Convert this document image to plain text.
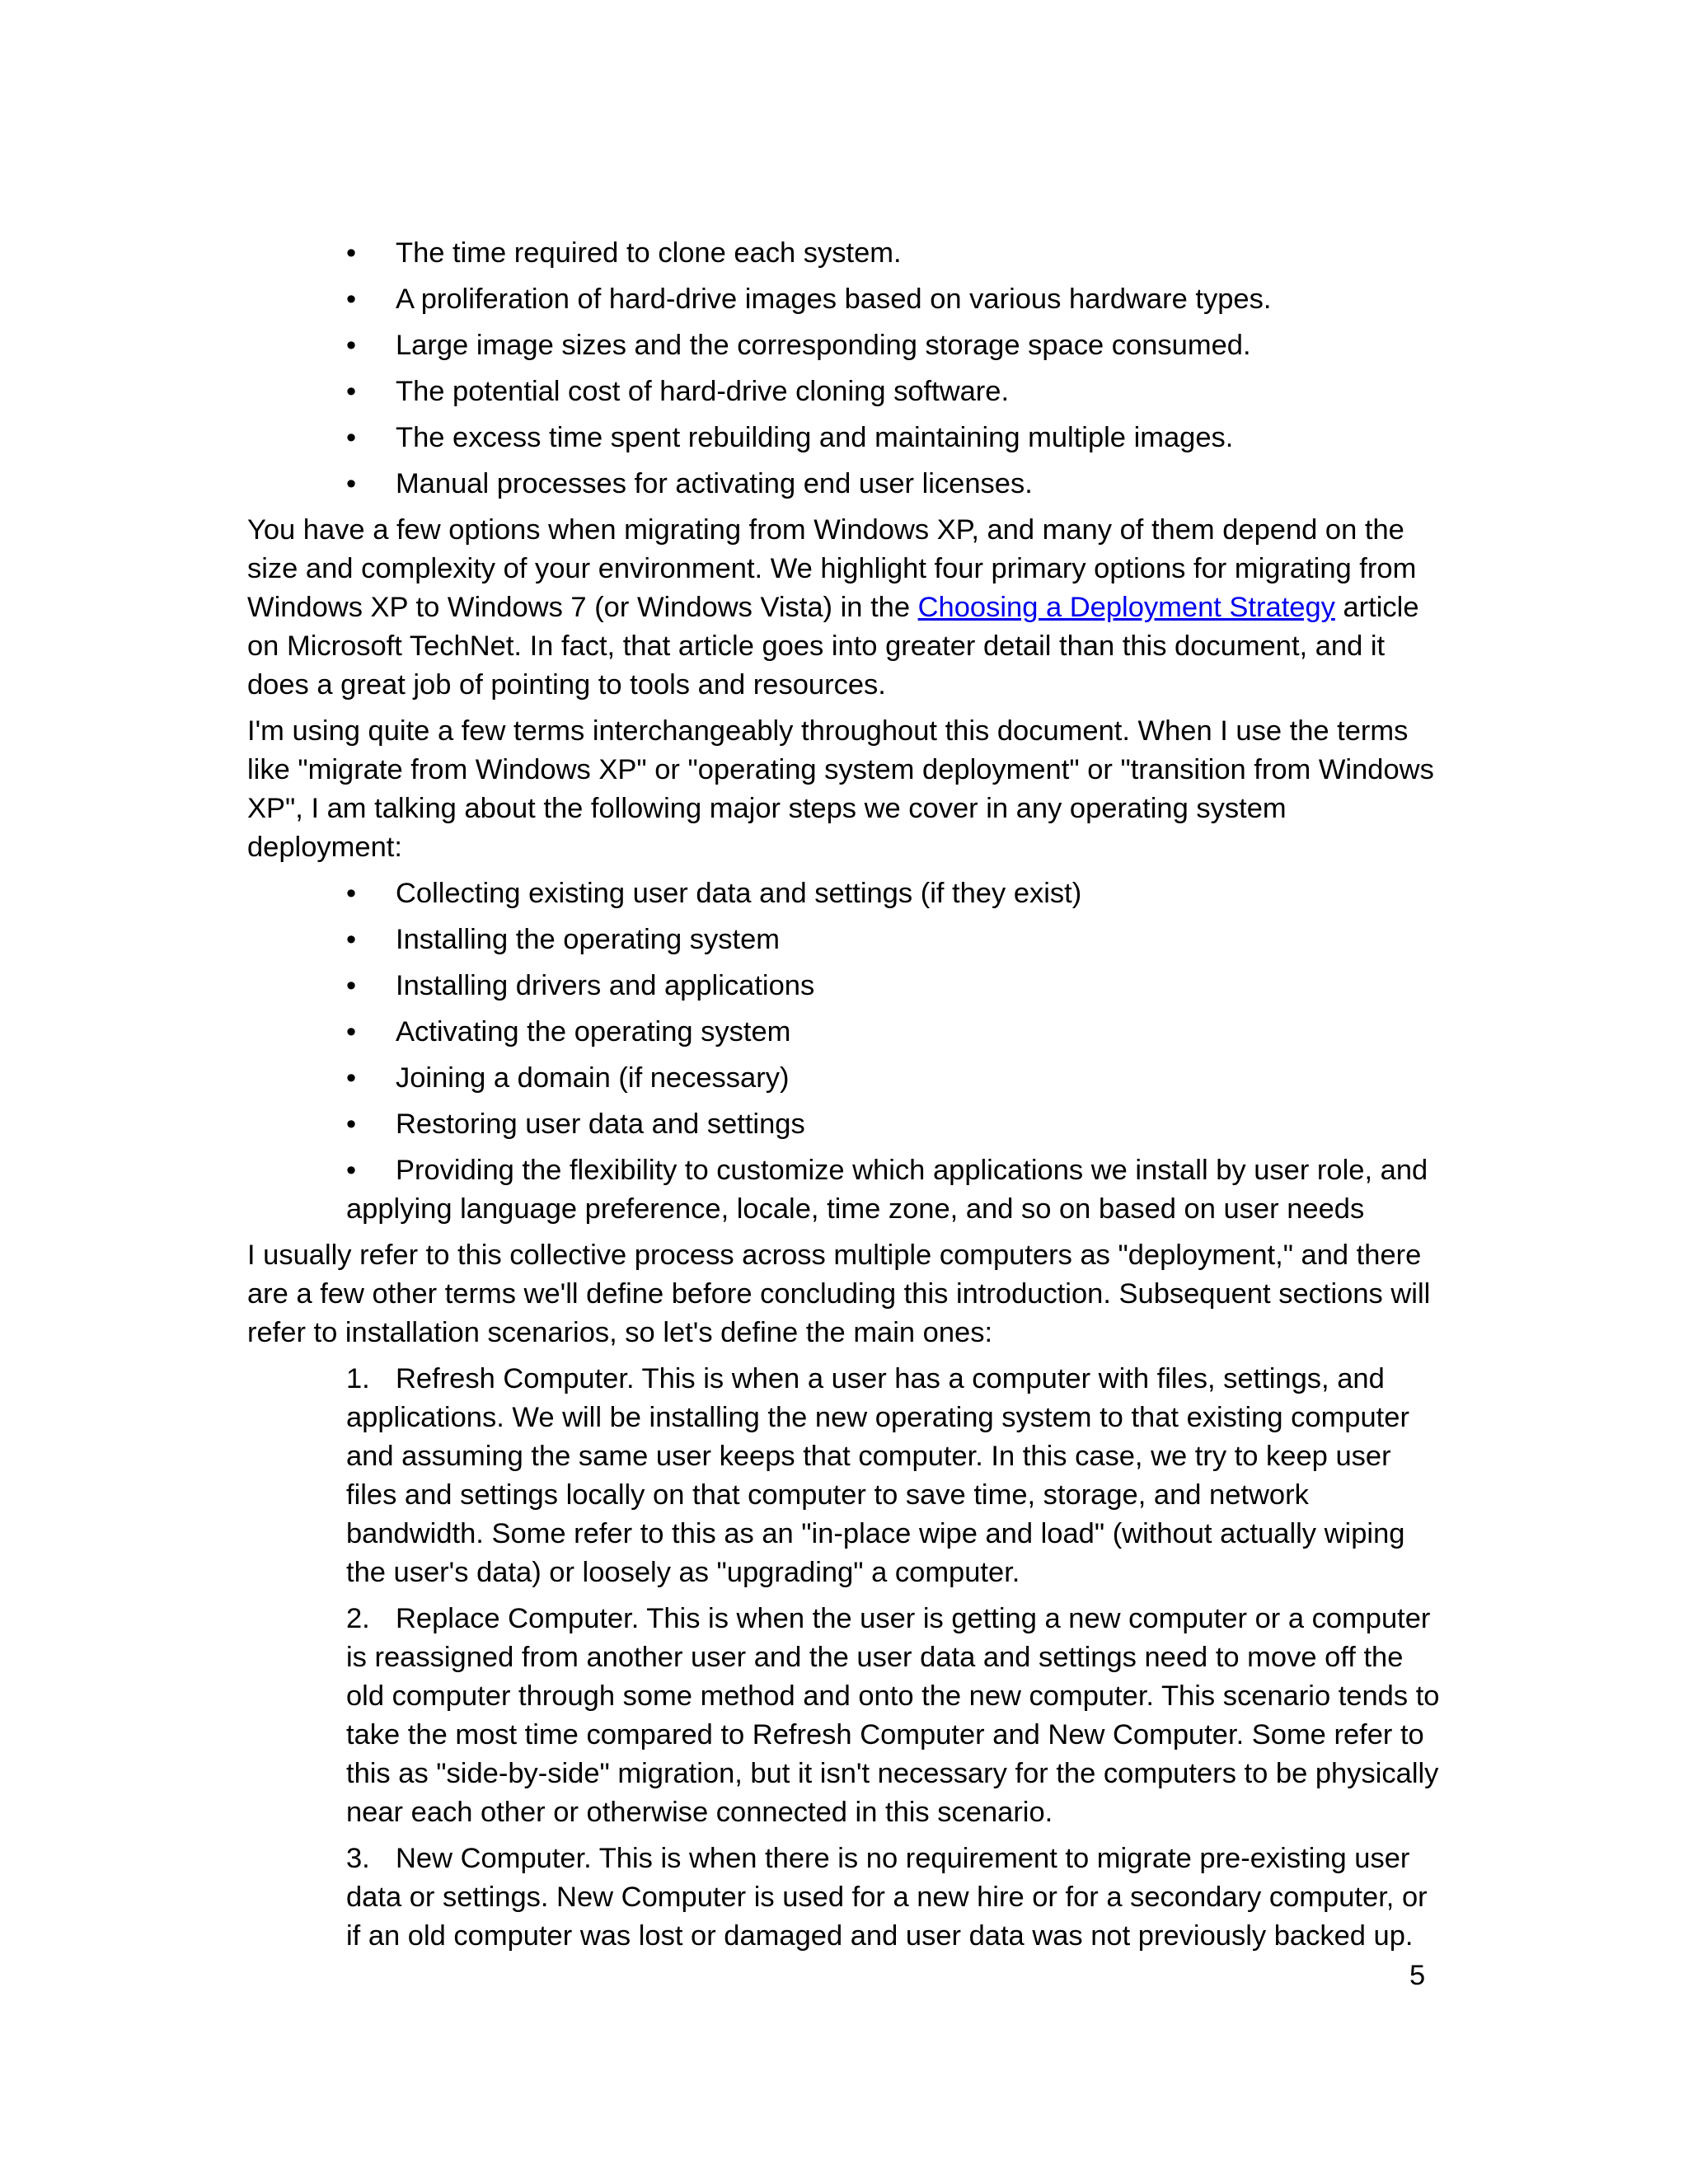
• The time required to clone each system.
• A proliferation of hard-drive images based on various hardware types.
• Large image sizes and the corresponding storage space consumed.
• The potential cost of hard-drive cloning software.
• The excess time spent rebuilding and maintaining multiple images.
• Manual processes for activating end user licenses.

You have a few options when migrating from Windows XP, and many of them depend on the size and complexity of your environment. We highlight four primary options for migrating from Windows XP to Windows 7 (or Windows Vista) in the Choosing a Deployment Strategy article on Microsoft TechNet. In fact, that article goes into greater detail than this document, and it does a great job of pointing to tools and resources.

I'm using quite a few terms interchangeably throughout this document. When I use the terms like "migrate from Windows XP" or "operating system deployment" or "transition from Windows XP", I am talking about the following major steps we cover in any operating system deployment:

• Collecting existing user data and settings (if they exist)
• Installing the operating system
• Installing drivers and applications
• Activating the operating system
• Joining a domain (if necessary)
• Restoring user data and settings
• Providing the flexibility to customize which applications we install by user role, and applying language preference, locale, time zone, and so on based on user needs

I usually refer to this collective process across multiple computers as "deployment," and there are a few other terms we'll define before concluding this introduction. Subsequent sections will refer to installation scenarios, so let's define the main ones:

1. Refresh Computer. This is when a user has a computer with files, settings, and applications. We will be installing the new operating system to that existing computer and assuming the same user keeps that computer. In this case, we try to keep user files and settings locally on that computer to save time, storage, and network bandwidth. Some refer to this as an "in-place wipe and load" (without actually wiping the user's data) or loosely as "upgrading" a computer.
2. Replace Computer. This is when the user is getting a new computer or a computer is reassigned from another user and the user data and settings need to move off the old computer through some method and onto the new computer. This scenario tends to take the most time compared to Refresh Computer and New Computer. Some refer to this as "side-by-side" migration, but it isn't necessary for the computers to be physically near each other or otherwise connected in this scenario.
3. New Computer. This is when there is no requirement to migrate pre-existing user data or settings. New Computer is used for a new hire or for a secondary computer, or if an old computer was lost or damaged and user data was not previously backed up.
5
